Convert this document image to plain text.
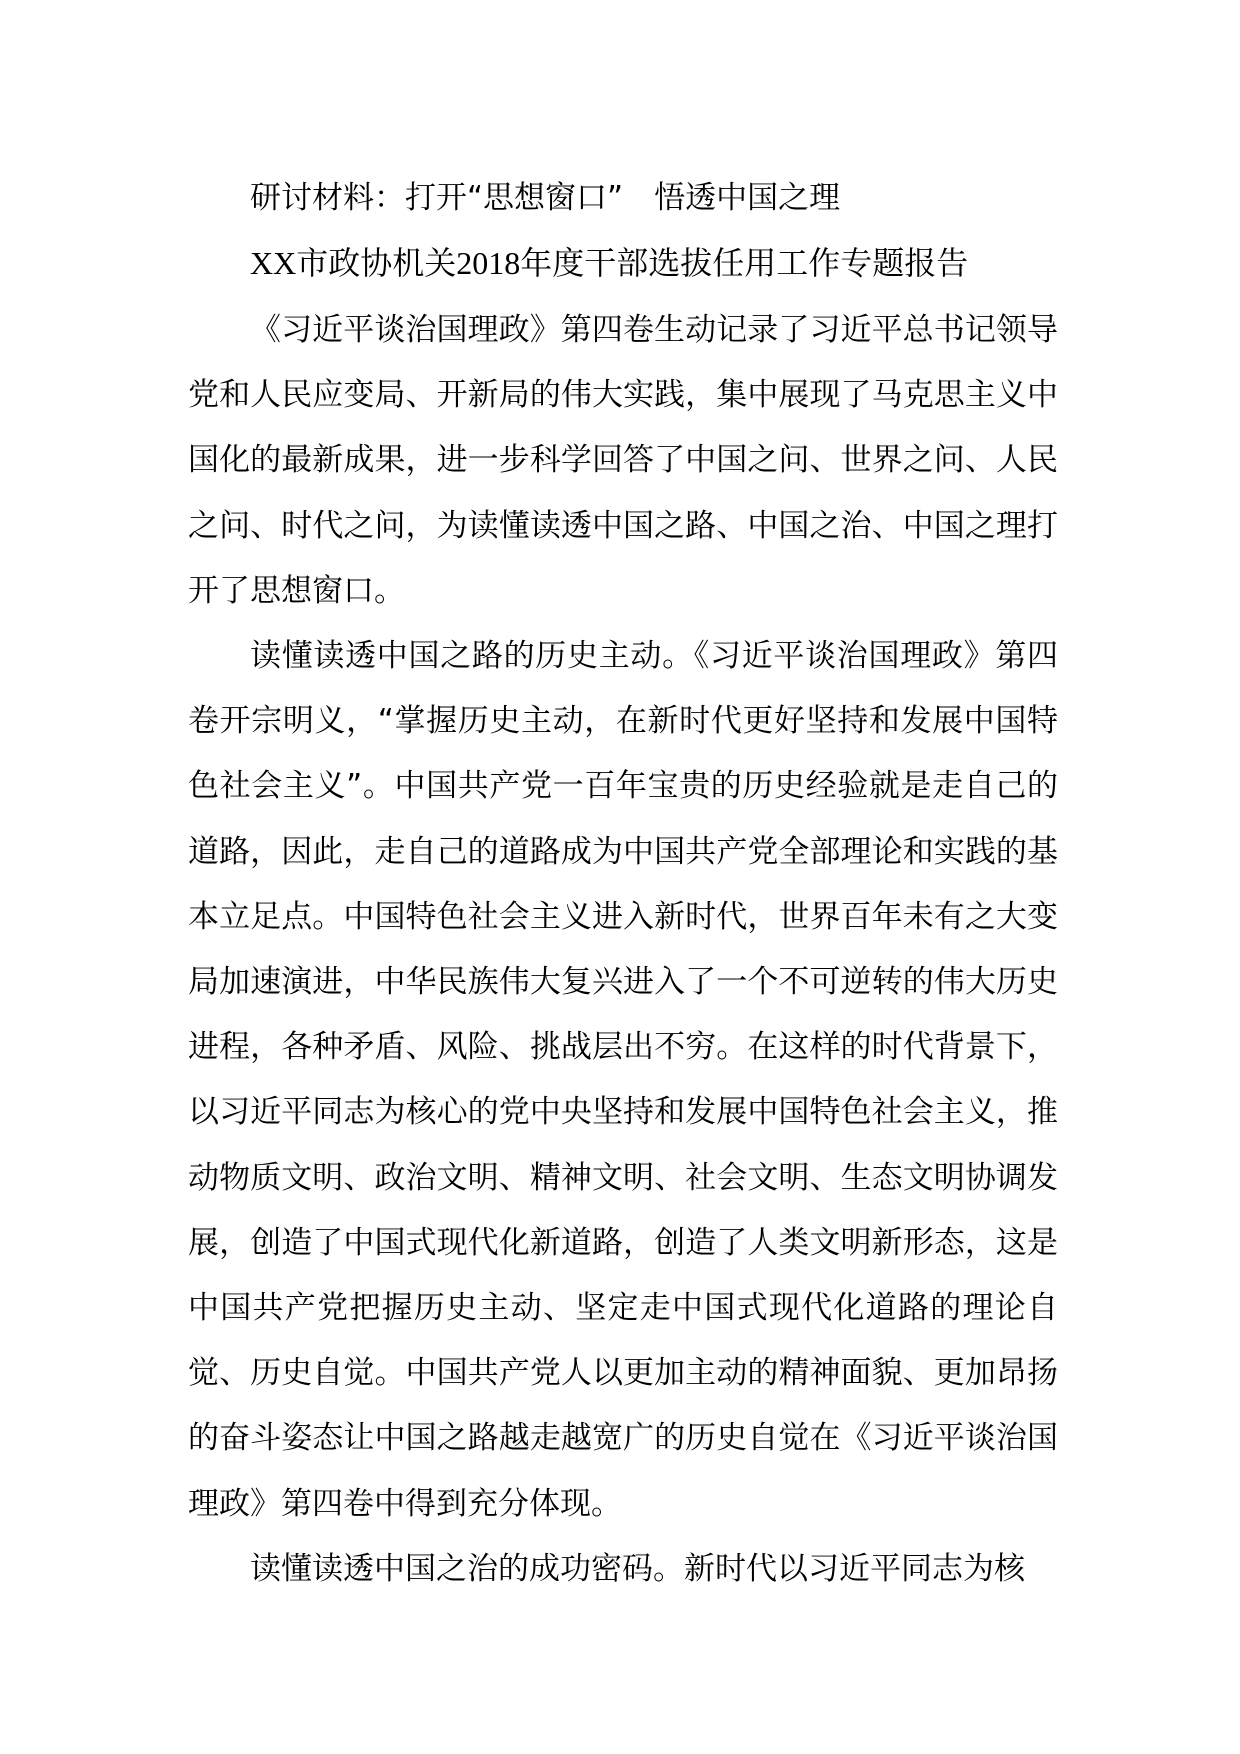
研讨材料：打开“思想窗口”　悟透中国之理
XX市政协机关2018年度干部选拔任用工作专题报告

《习近平谈治国理政》第四卷生动记录了习近平总书记领导党和人民应变局、开新局的伟大实践，集中展现了马克思主义中国化的最新成果，进一步科学回答了中国之问、世界之问、人民之问、时代之问，为读懂读透中国之路、中国之治、中国之理打开了思想窗口。

读懂读透中国之路的历史主动。《习近平谈治国理政》第四卷开宗明义，“掌握历史主动，在新时代更好坚持和发展中国特色社会主义”。中国共产党一百年宝贵的历史经验就是走自己的道路，因此，走自己的道路成为中国共产党全部理论和实践的基本立足点。中国特色社会主义进入新时代，世界百年未有之大变局加速演进，中华民族伟大复兴进入了一个不可逆转的伟大历史进程，各种矛盾、风险、挑战层出不穷。在这样的时代背景下，以习近平同志为核心的党中央坚持和发展中国特色社会主义，推动物质文明、政治文明、精神文明、社会文明、生态文明协调发展，创造了中国式现代化新道路，创造了人类文明新形态，这是中国共产党把握历史主动、坚定走中国式现代化道路的理论自觉、历史自觉。中国共产党人以更加主动的精神面貌、更加昂扬的奋斗姿态让中国之路越走越宽广的历史自觉在《习近平谈治国理政》第四卷中得到充分体现。

读懂读透中国之治的成功密码。新时代以习近平同志为核
